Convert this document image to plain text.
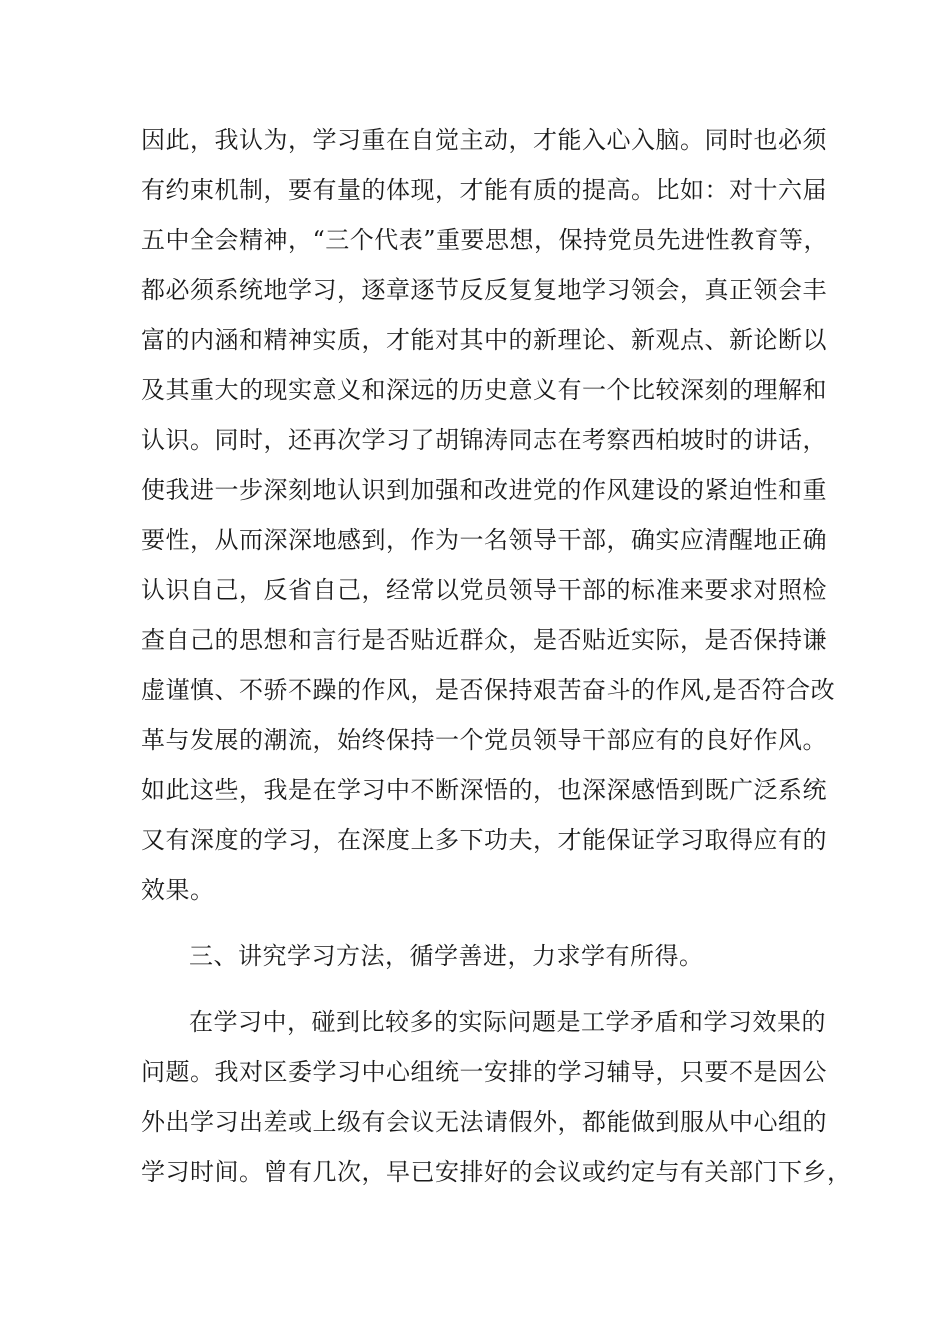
因此，我认为，学习重在自觉主动，才能入心入脑。同时也必须
有约束机制，要有量的体现，才能有质的提高。比如：对十六届
五中全会精神，“三个代表”重要思想，保持党员先进性教育等，
都必须系统地学习，逐章逐节反反复复地学习领会，真正领会丰
富的内涵和精神实质，才能对其中的新理论、新观点、新论断以
及其重大的现实意义和深远的历史意义有一个比较深刻的理解和
认识。同时，还再次学习了胡锦涛同志在考察西柏坡时的讲话，
使我进一步深刻地认识到加强和改进党的作风建设的紧迫性和重
要性，从而深深地感到，作为一名领导干部，确实应清醒地正确
认识自己，反省自己，经常以党员领导干部的标准来要求对照检
查自己的思想和言行是否贴近群众，是否贴近实际，是否保持谦
虚谨慎、不骄不躁的作风，是否保持艰苦奋斗的作风,是否符合改
革与发展的潮流，始终保持一个党员领导干部应有的良好作风。
如此这些，我是在学习中不断深悟的，也深深感悟到既广泛系统
又有深度的学习，在深度上多下功夫，才能保证学习取得应有的
效果。
三、讲究学习方法，循学善进，力求学有所得。
在学习中，碰到比较多的实际问题是工学矛盾和学习效果的
问题。我对区委学习中心组统一安排的学习辅导，只要不是因公
外出学习出差或上级有会议无法请假外，都能做到服从中心组的
学习时间。曾有几次，早已安排好的会议或约定与有关部门下乡，
